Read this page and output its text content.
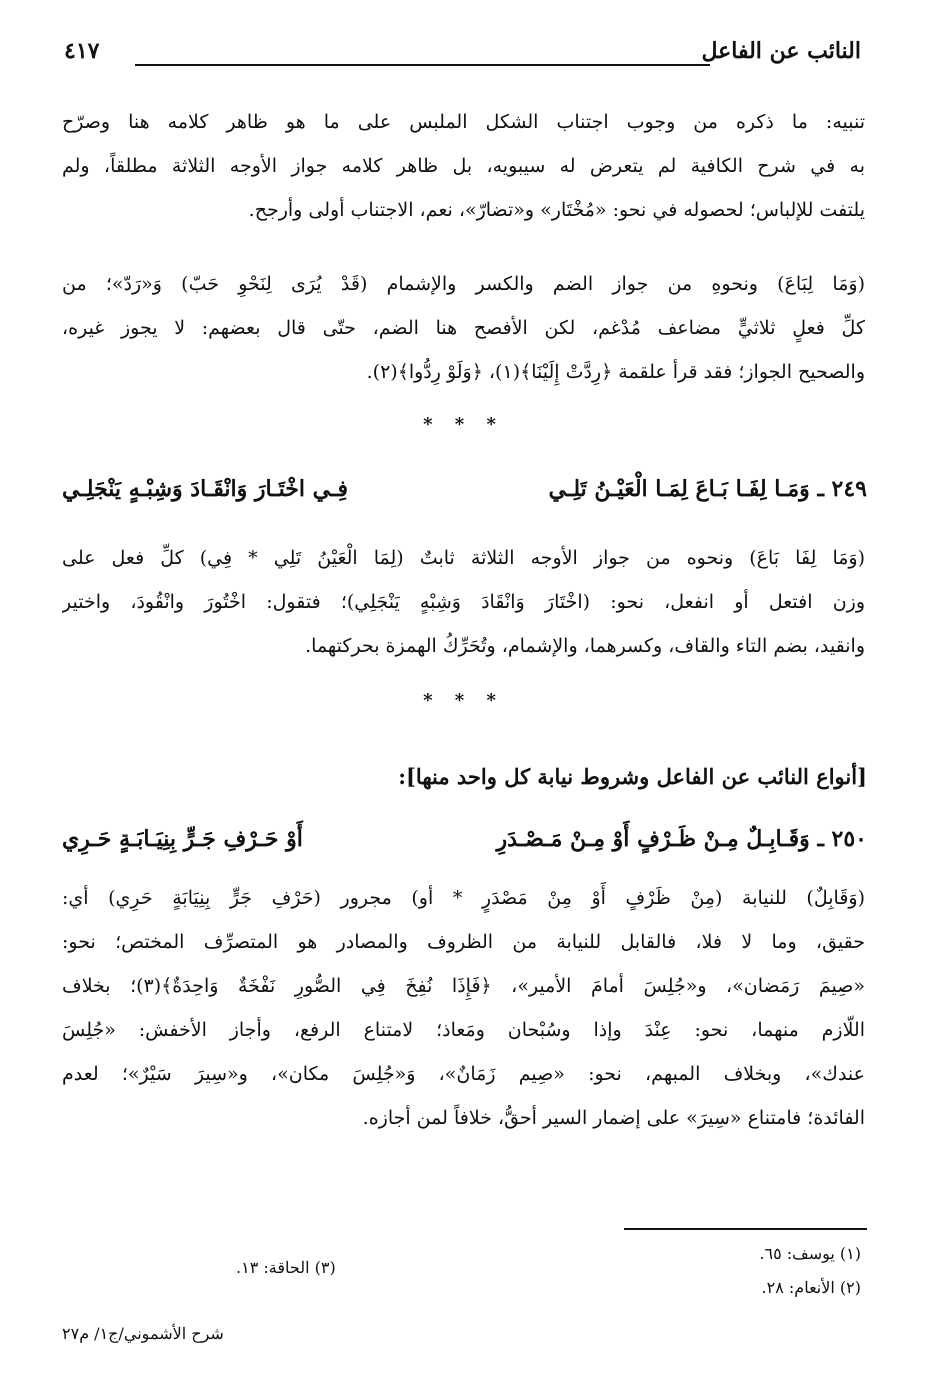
النائب عن الفاعل
٤١٧
تنبيه: ما ذكره من وجوب اجتناب الشكل الملبس على ما هو ظاهر كلامه هنا وصرّح
به في شرح الكافية لم يتعرض له سيبويه، بل ظاهر كلامه جواز الأوجه الثلاثة مطلقاً، ولم
يلتفت للإلباس؛ لحصوله في نحو: «مُخْتَار» و«تضارّ»، نعم، الاجتناب أولى وأرجح.
(وَمَا لِبَاعَ) ونحوهِ من جواز الضم والكسر والإشمام (قَدْ يُرَى لِنَحْوِ حَبّ) وَ«رَدّ»؛ من
كلِّ فعلٍ ثلاثيٍّ مضاعف مُدْغم، لكن الأفصح هنا الضم، حتّى قال بعضهم: لا يجوز غيره،
والصحيح الجواز؛ فقد قرأ علقمة ﴿رِدَّتْ إِلَيْنَا﴾(١)، ﴿وَلَوْ رِدُّوا﴾(٢).
* * *
٢٤٩ ـ وَمَـا لِفَـا بَـاعَ لِمَـا الْعَيْـنُ تَلِـي
فِـي اخْتَـارَ وَانْقَـادَ وَشِبْـهٍ يَنْجَلِـي
(وَمَا لِفَا بَاعَ) ونحوه من جواز الأوجه الثلاثة ثابتٌ (لِمَا الْعَيْنُ تَلِي * فِي) كلِّ فعل على
وزن افتعل أو انفعل، نحو: (اخْتَارَ وَانْقَادَ وَشِبْهٍ يَنْجَلِي)؛ فتقول: اخْتُورَ وانْقُودَ، واختير
وانقيد، بضم التاء والقاف، وكسرهما، والإشمام، وتُحَرِّكُ الهمزة بحركتهما.
* * *
[أنواع النائب عن الفاعل وشروط نيابة كل واحد منها]:
٢٥٠ ـ وَقَـابِـلٌ مِـنْ ظَـرْفٍ أَوْ مِـنْ مَـصْـدَرِ
أَوْ حَـرْفِ جَـرٍّ بِنِيَـابَـةٍ حَـرِي
(وَقَابِلٌ) للنيابة (مِنْ ظَرْفٍ أَوْ مِنْ مَصْدَرٍ * أو) مجرور (حَرْفِ جَرٍّ بِنِيَابَةٍ حَرِي) أي:
حقيق، وما لا فلا، فالقابل للنيابة من الظروف والمصادر هو المتصرِّف المختص؛ نحو:
«صِيمَ رَمَضان»، و«جُلِسَ أمامَ الأمير»، ﴿فَإِذَا نُفِخَ فِي الصُّورِ نَفْخَةٌ وَاحِدَةٌ﴾(٣)؛ بخلاف
اللّازم منهما، نحو: عِنْدَ وإذا وسُبْحان ومَعاذ؛ لامتناع الرفع، وأجاز الأخفش: «جُلِسَ
عندك»، وبخلاف المبهم، نحو: «صِيم زَمَانٌ»، وَ«جُلِسَ مكان»، و«سِيرَ سَيْرٌ»؛ لعدم
الفائدة؛ فامتناع «سِيرَ» على إضمار السير أحقُّ، خلافاً لمن أجازه.
(١) يوسف: ٦٥.
(٢) الأنعام: ٢٨.
(٣) الحاقة: ١٣.
شرح الأشموني/ج١/ م٢٧
